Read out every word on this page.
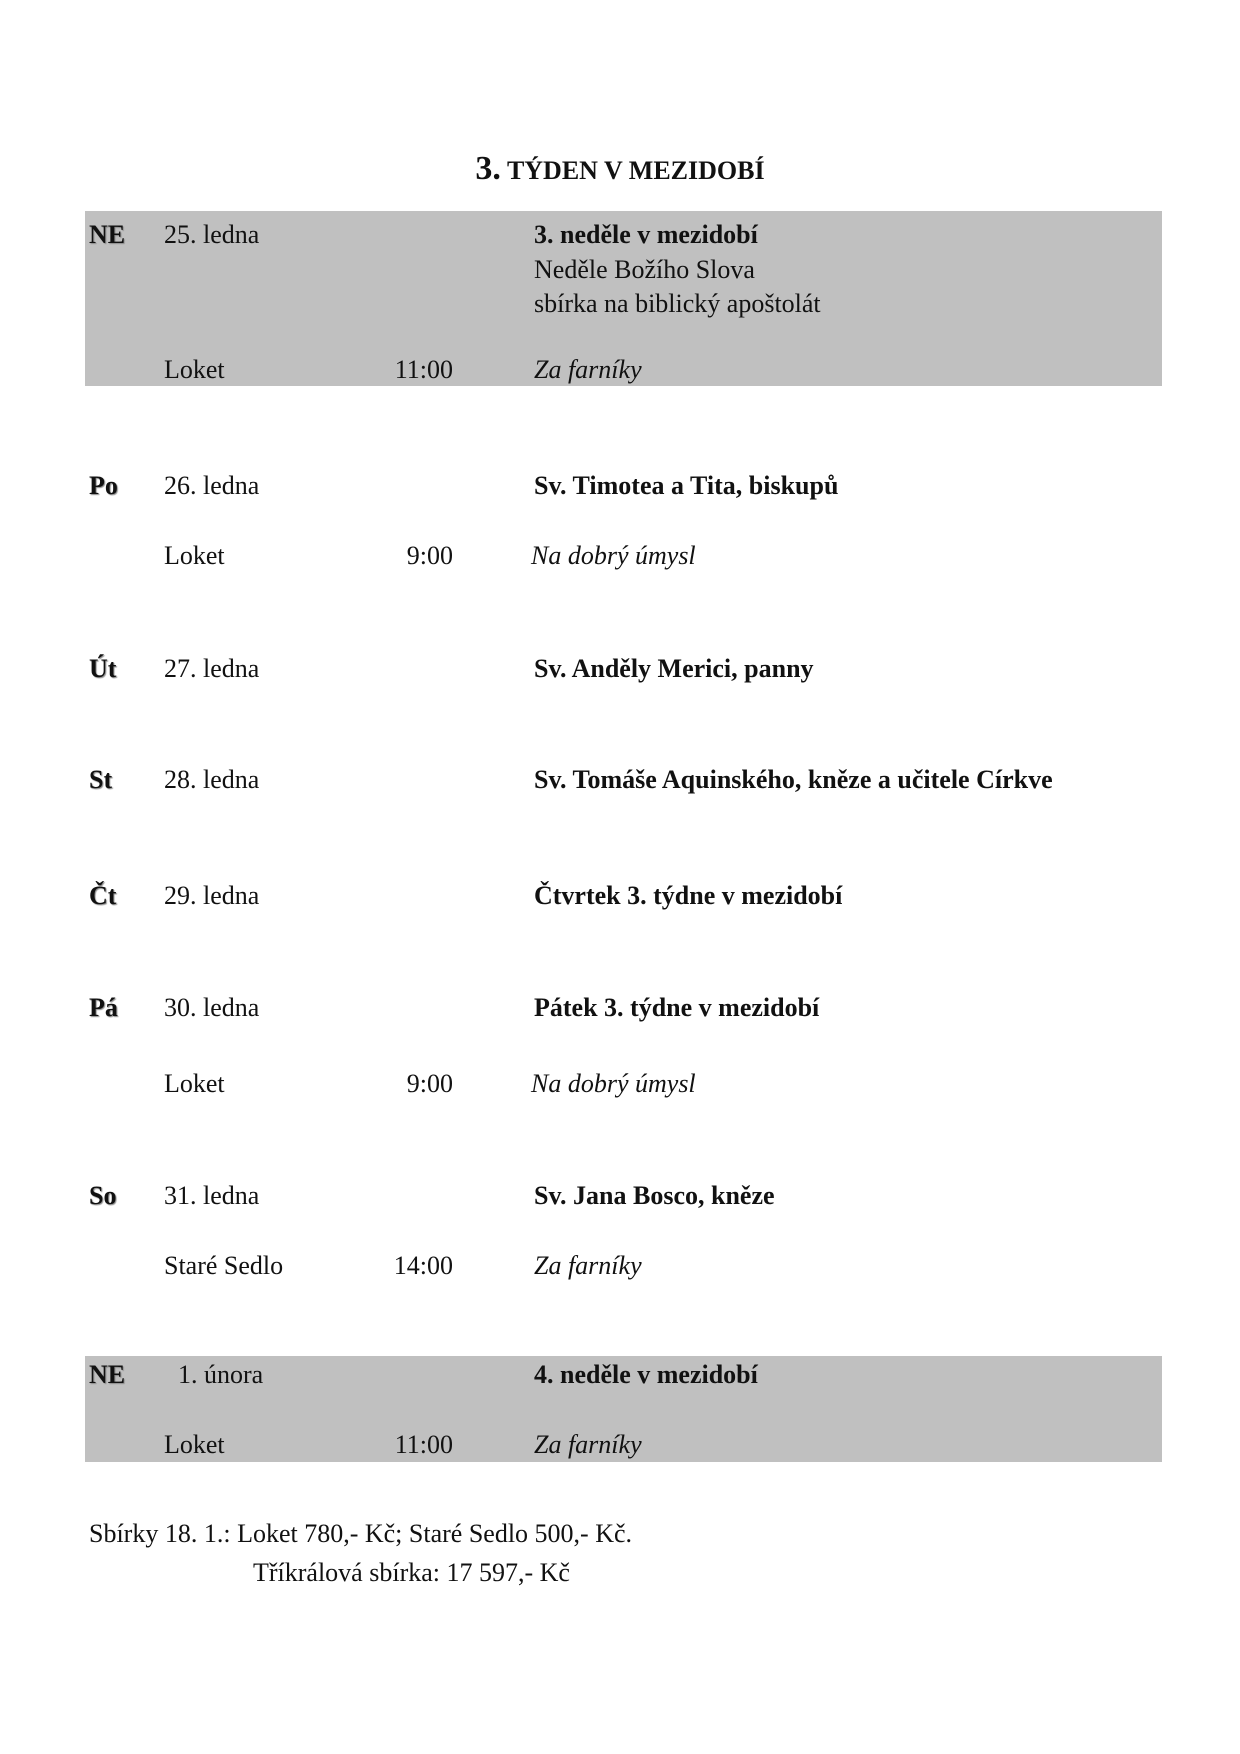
3. TÝDEN V MEZIDOBÍ
NE 25. ledna	3. neděle v mezidobí
Neděle Božího Slova
sbírka na biblický apoštolát
Loket	11:00	Za farníky
Po 26. ledna	Sv. Timotea a Tita, biskupů
Loket	9:00	Na dobrý úmysl
Út 27. ledna	Sv. Anděly Merici, panny
St 28. ledna	Sv. Tomáše Aquinského, kněze a učitele Církve
Čt 29. ledna	Čtvrtek 3. týdne v mezidobí
Pá 30. ledna	Pátek 3. týdne v mezidobí
Loket	9:00	Na dobrý úmysl
So 31. ledna	Sv. Jana Bosco, kněze
Staré Sedlo	14:00	Za farníky
NE 1. února	4. neděle v mezidobí
Loket	11:00	Za farníky
Sbírky 18. 1.: Loket 780,- Kč; Staré Sedlo 500,- Kč.
Tříkrálová sbírka: 17 597,- Kč
